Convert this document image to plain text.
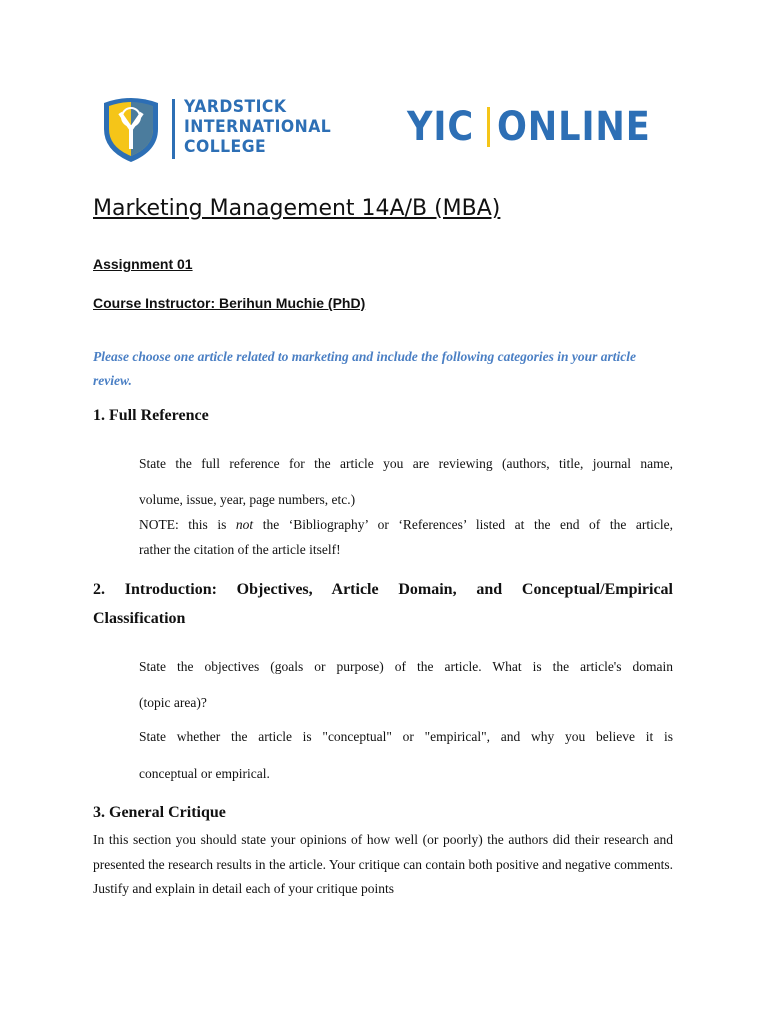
YARDSTICK
INTERNATIONAL
COLLEGE	YIC ONLINE
Marketing Management 14A/B (MBA)
Assignment 01
Course Instructor: Berihun Muchie (PhD)
Please choose one article related to marketing and include the following categories in your article review.
1. Full Reference
State the full reference for the article you are reviewing (authors, title, journal name,
volume, issue, year, page numbers, etc.)
NOTE: this is not the ‘Bibliography’ or ‘References’ listed at the end of the article,
rather the citation of the article itself!
2. Introduction: Objectives, Article Domain, and Conceptual/Empirical
Classification
State the objectives (goals or purpose) of the article. What is the article's domain
(topic area)?
State whether the article is "conceptual" or "empirical", and why you believe it is
conceptual or empirical.
3. General Critique
In this section you should state your opinions of how well (or poorly) the authors did their research and presented the research results in the article. Your critique can contain both positive and negative comments. Justify and explain in detail each of your critique points
